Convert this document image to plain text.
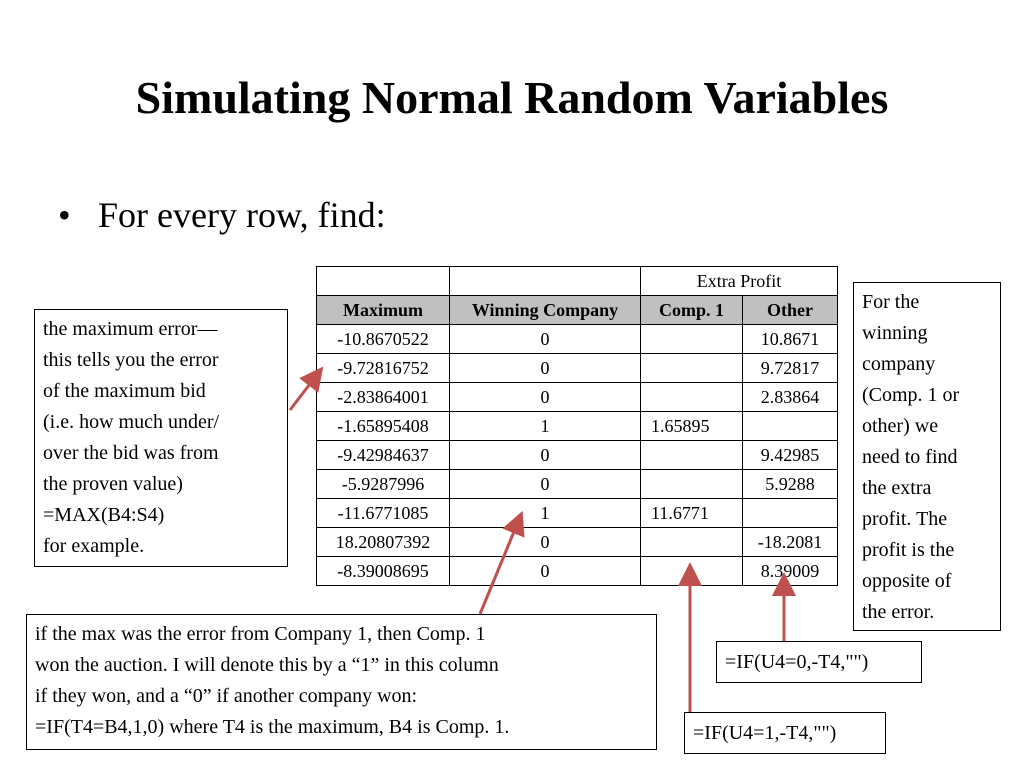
Simulating Normal Random Variables
• For every row, find:
		Extra Profit	
Maximum	Winning Company	Comp. 1	Other
-10.8670522	0		10.8671
-9.72816752	0		9.72817
-2.83864001	0		2.83864
-1.65895408	1	1.65895	
-9.42984637	0		9.42985
-5.9287996	0		5.9288
-11.6771085	1	11.6771	
18.20807392	0		-18.2081
-8.39008695	0		8.39009
the maximum error—
this tells you the error
of the maximum bid
(i.e. how much under/
over the bid was from
the proven value)
=MAX(B4:S4)
for example.
For the
winning
company
(Comp. 1 or
other) we
need to find
the extra
profit. The
profit is the
opposite of
the error.
if the max was the error from Company 1, then Comp. 1
won the auction. I will denote this by a “1” in this column
if they won, and a “0” if another company won:
=IF(T4=B4,1,0) where T4 is the maximum, B4 is Comp. 1.
=IF(U4=0,-T4,"")
=IF(U4=1,-T4,"")
